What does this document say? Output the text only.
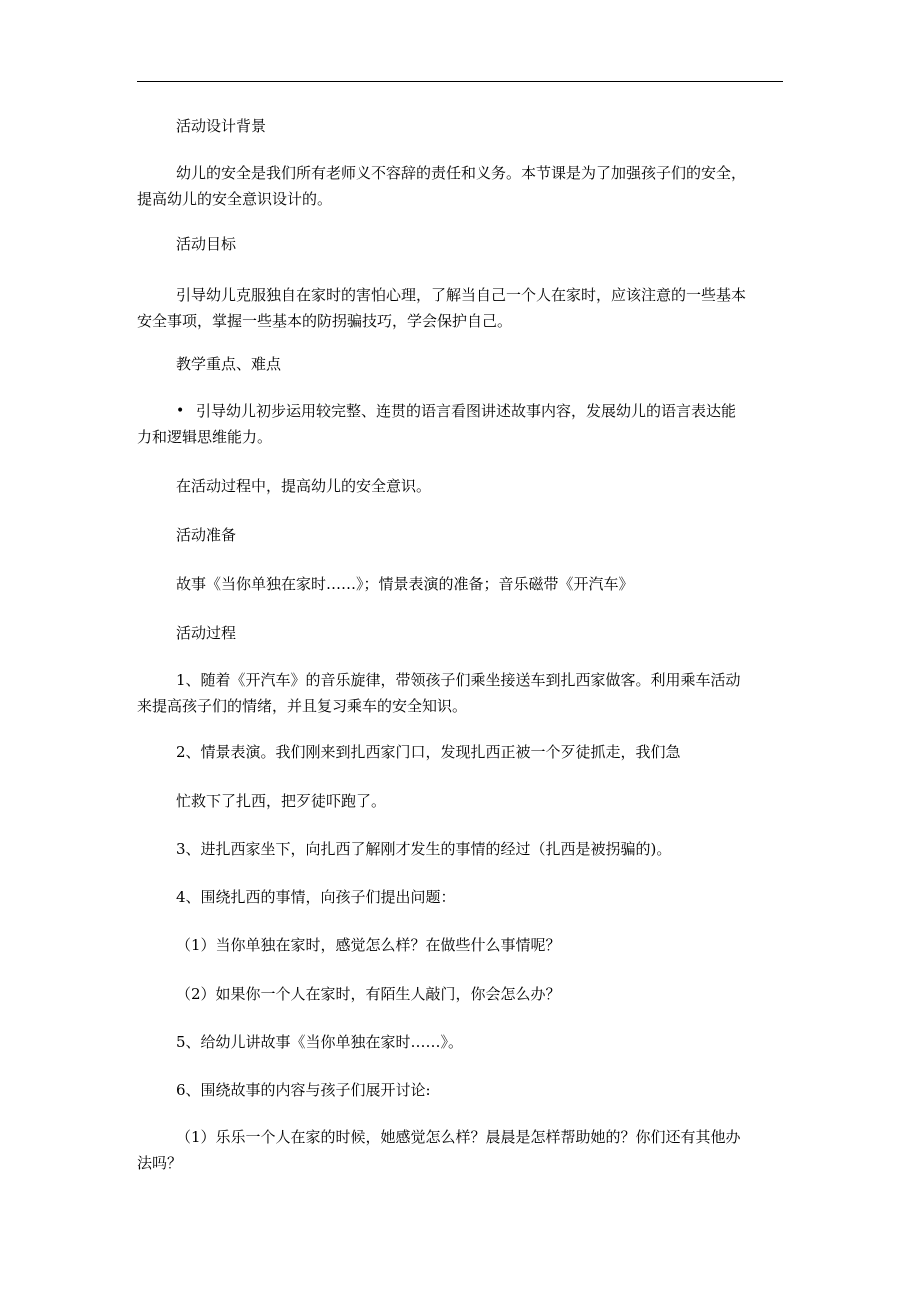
活动设计背景
幼儿的安全是我们所有老师义不容辞的责任和义务。本节课是为了加强孩子们的安全，
提高幼儿的安全意识设计的。
活动目标
引导幼儿克服独自在家时的害怕心理，了解当自己一个人在家时，应该注意的一些基本
安全事项，掌握一些基本的防拐骗技巧，学会保护自己。
教学重点、难点
• 引导幼儿初步运用较完整、连贯的语言看图讲述故事内容，发展幼儿的语言表达能
力和逻辑思维能力。
在活动过程中，提高幼儿的安全意识。
活动准备
故事《当你单独在家时……》；情景表演的准备；音乐磁带《开汽车》
活动过程
1、随着《开汽车》的音乐旋律，带领孩子们乘坐接送车到扎西家做客。利用乘车活动
来提高孩子们的情绪，并且复习乘车的安全知识。
2、情景表演。我们刚来到扎西家门口，发现扎西正被一个歹徒抓走，我们急
忙救下了扎西，把歹徒吓跑了。
3、进扎西家坐下，向扎西了解刚才发生的事情的经过（扎西是被拐骗的)。
4、围绕扎西的事情，向孩子们提出问题：
（1）当你单独在家时，感觉怎么样？在做些什么事情呢？
（2）如果你一个人在家时，有陌生人敲门，你会怎么办？
5、给幼儿讲故事《当你单独在家时……》。
6、围绕故事的内容与孩子们展开讨论:
（1）乐乐一个人在家的时候，她感觉怎么样？晨晨是怎样帮助她的？你们还有其他办
法吗？
